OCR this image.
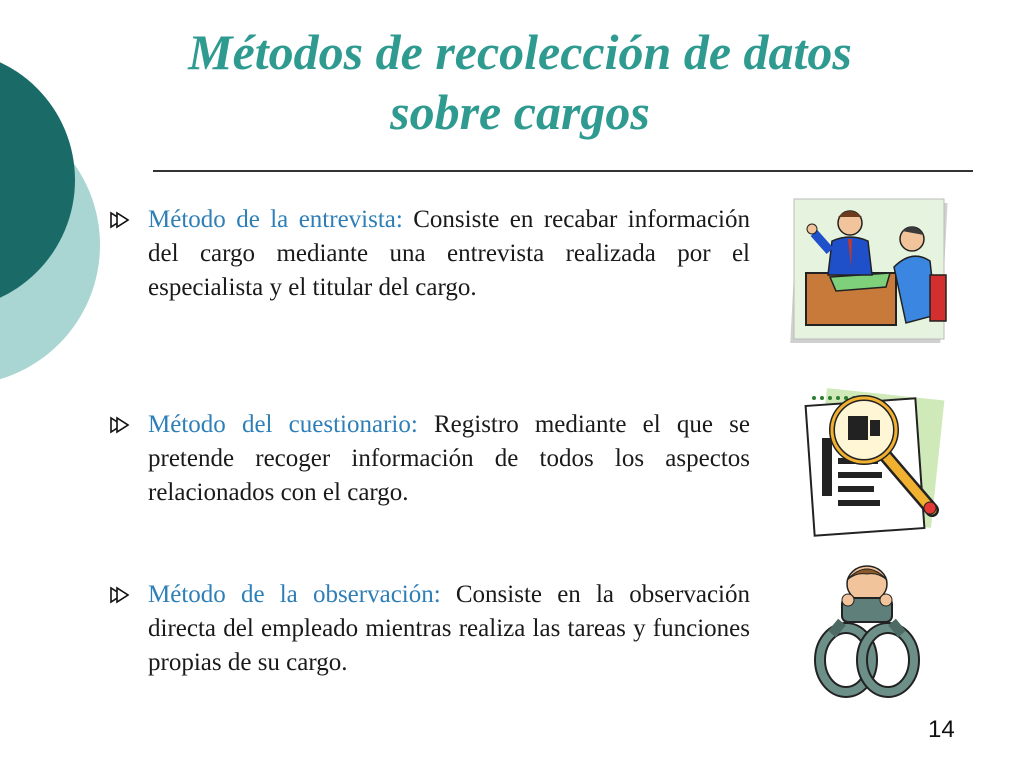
Métodos de recolección de datos
sobre cargos
Método de la entrevista: Consiste en recabar información del cargo mediante una entrevista realizada por el especialista y el titular del cargo.
Método del cuestionario: Registro mediante el que se pretende recoger información de todos los aspectos relacionados con el cargo.
Método de la observación: Consiste en la observación directa del empleado mientras realiza las tareas y funciones propias de su cargo.
14
